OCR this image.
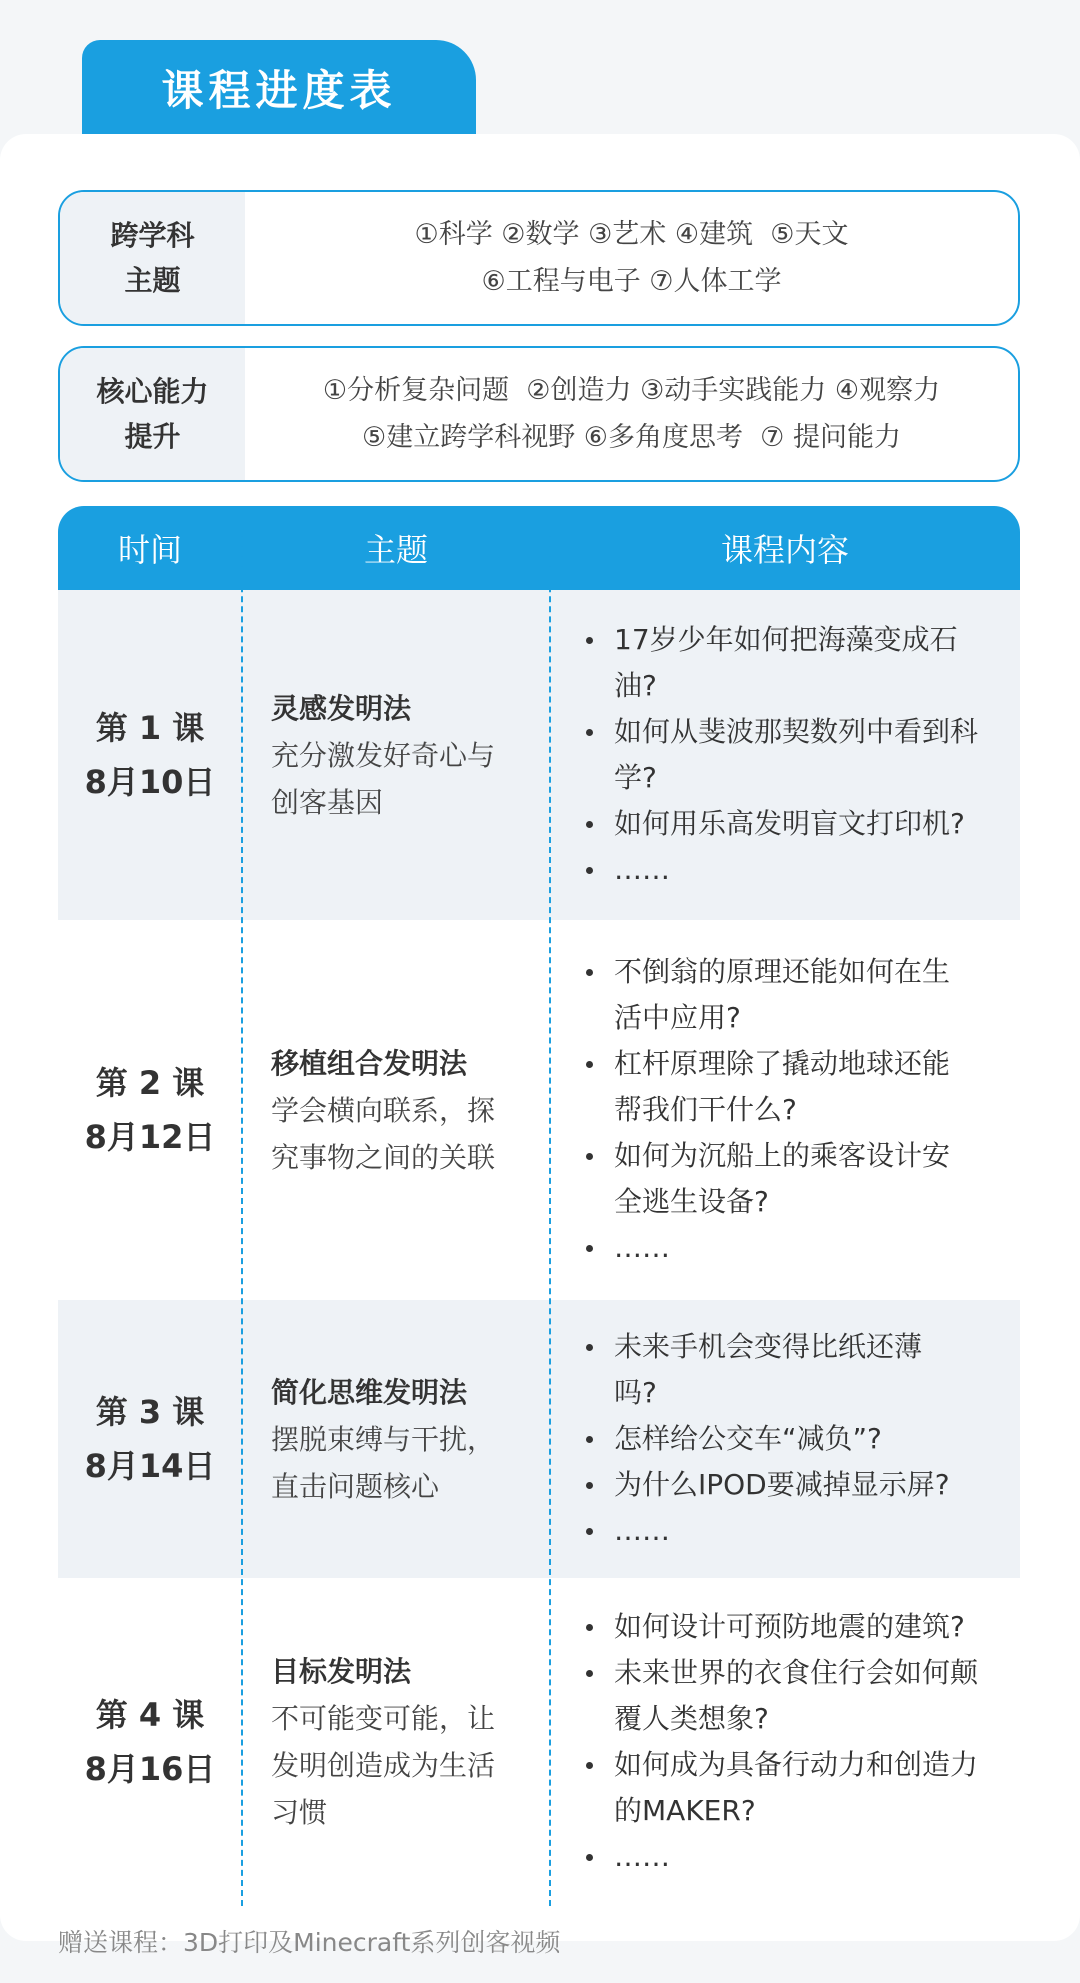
课程进度表
跨学科
主题
①科学 ②数学 ③艺术 ④建筑  ⑤天文
⑥工程与电子 ⑦人体工学
核心能力
提升
①分析复杂问题  ②创造力 ③动手实践能力 ④观察力
⑤建立跨学科视野 ⑥多角度思考  ⑦ 提问能力
时间	主题	课程内容
第 1 课
8月10日
灵感发明法
充分激发好奇心与
创客基因
17岁少年如何把海藻变成石
油?
如何从斐波那契数列中看到科
学?
如何用乐高发明盲文打印机?
……
第 2 课
8月12日
移植组合发明法
学会横向联系，探
究事物之间的关联
不倒翁的原理还能如何在生
活中应用?
杠杆原理除了撬动地球还能
帮我们干什么?
如何为沉船上的乘客设计安
全逃生设备?
……
第 3 课
8月14日
简化思维发明法
摆脱束缚与干扰，
直击问题核心
未来手机会变得比纸还薄
吗?
怎样给公交车“减负”?
为什么IPOD要减掉显示屏?
……
第 4 课
8月16日
目标发明法
不可能变可能，让
发明创造成为生活
习惯
如何设计可预防地震的建筑?
未来世界的衣食住行会如何颠
覆人类想象?
如何成为具备行动力和创造力
的MAKER?
……
赠送课程：3D打印及Minecraft系列创客视频
